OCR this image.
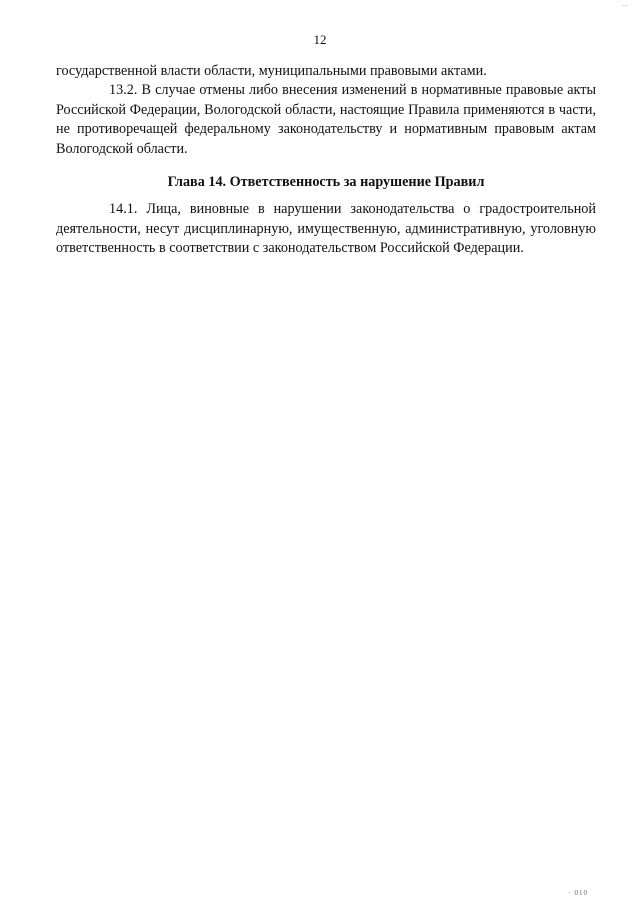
...
12

государственной власти области, муниципальными правовыми актами.

13.2. В случае отмены либо внесения изменений в нормативные правовые акты Российской Федерации, Вологодской области, настоящие Правила применяются в части, не противоречащей федеральному законодательству и нормативным правовым актам Вологодской области.

Глава 14. Ответственность за нарушение Правил

14.1. Лица, виновные в нарушении законодательства о градостроительной деятельности, несут дисциплинарную, имущественную, административную, уголовную ответственность в соответствии с законодательством Российской Федерации.

· 010
